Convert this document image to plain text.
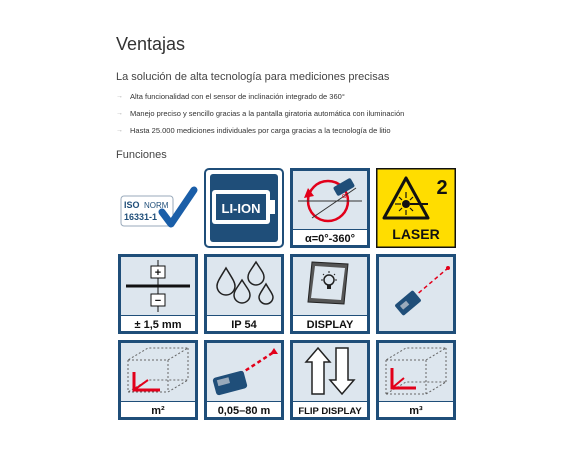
Ventajas
La solución de alta tecnología para mediciones precisas
→ Alta funcionalidad con el sensor de inclinación integrado de 360°
→ Manejo preciso y sencillo gracias a la pantalla giratoria automática con iluminación
→ Hasta 25.000 mediciones individuales por carga gracias a la tecnología de litio
Funciones
ISO NORM
16331-1
LI-ION
α
α=0°-360°
2
LASER
+
−
± 1,5 mm	IP 54	DISPLAY
m²	0,05–80 m	FLIP DISPLAY	m³
